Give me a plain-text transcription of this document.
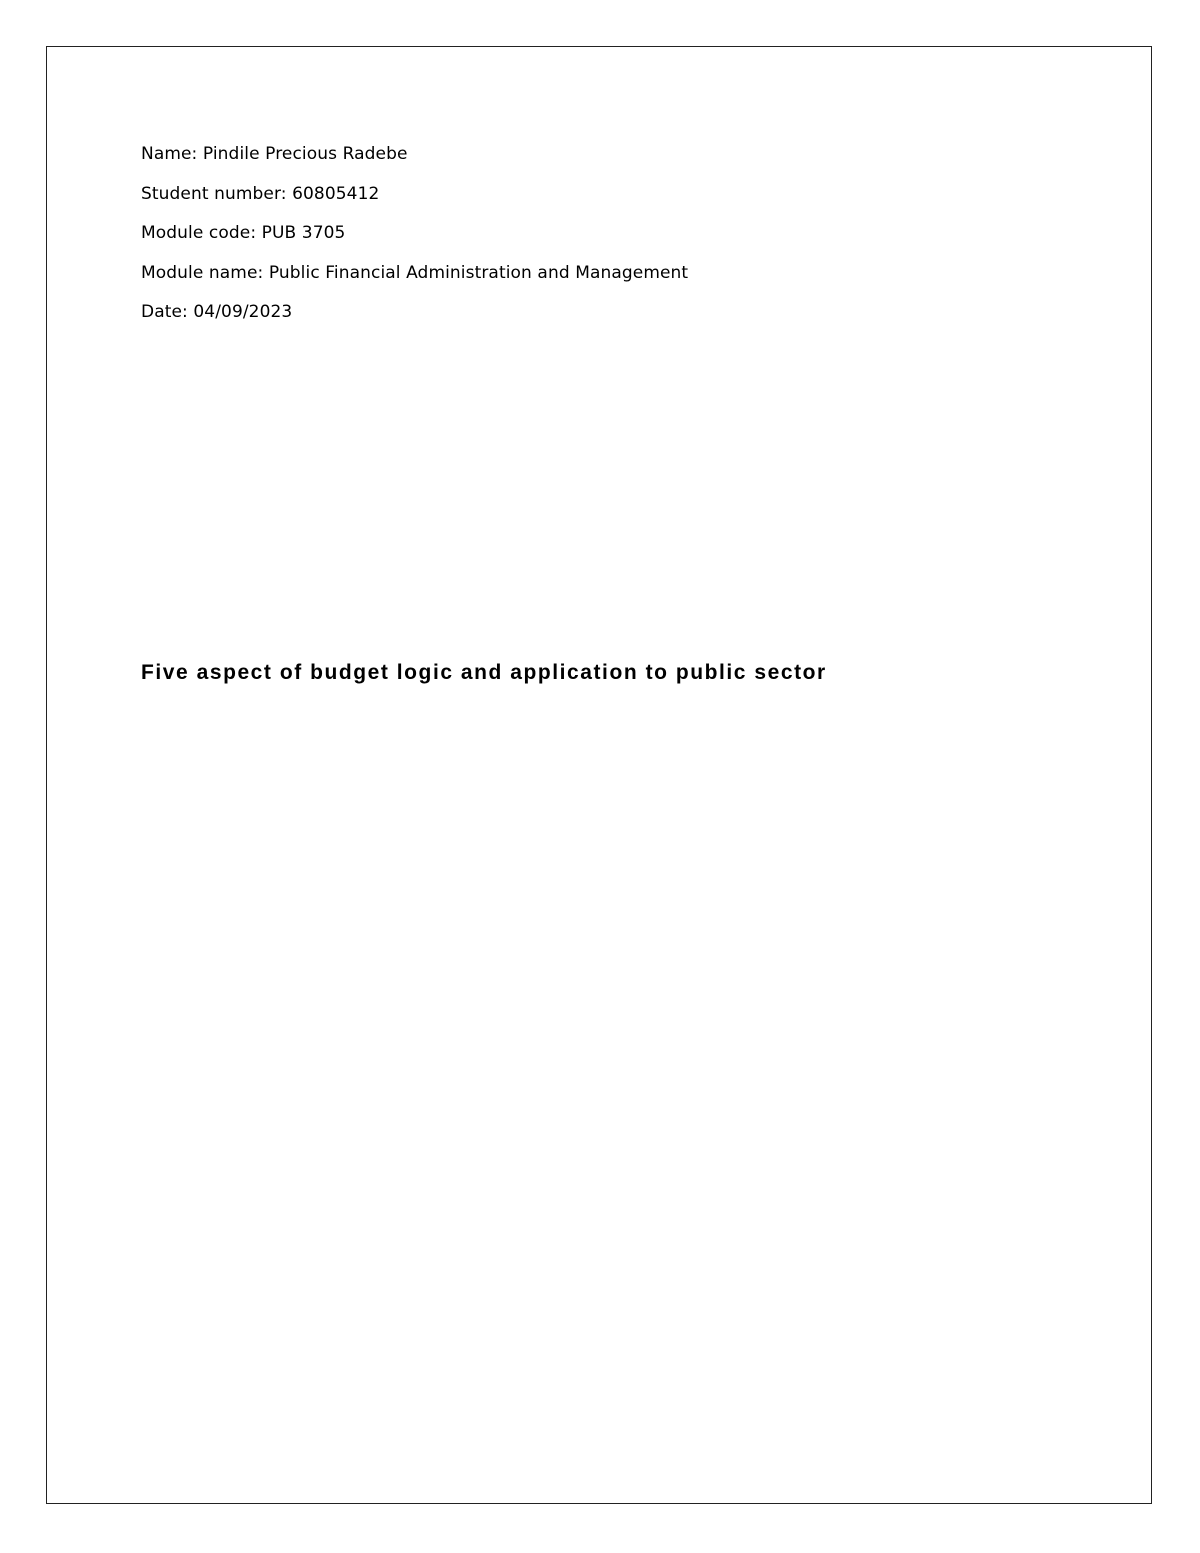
Name: Pindile Precious Radebe
Student number: 60805412
Module code: PUB 3705
Module name: Public Financial Administration and Management
Date: 04/09/2023
Five aspect of budget logic and application to public sector
